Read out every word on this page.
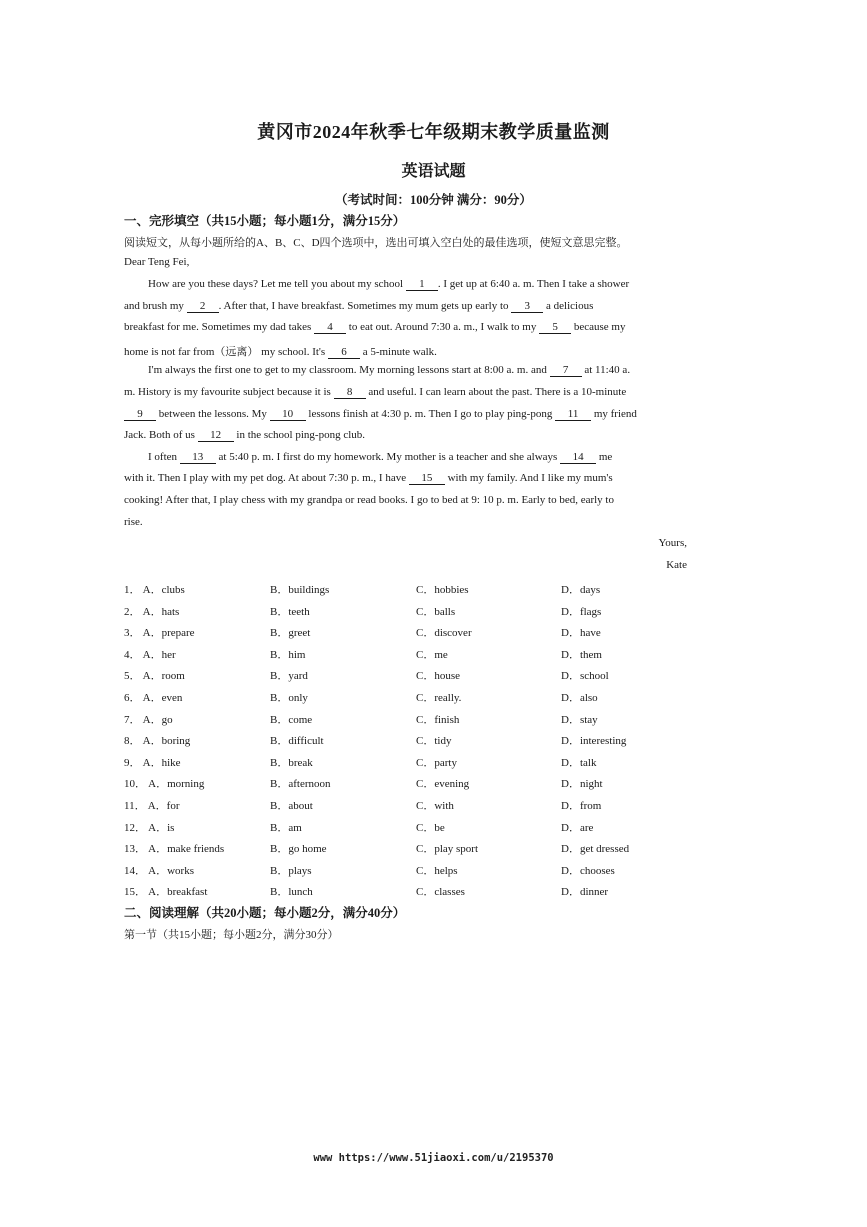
黄冈市2024年秋季七年级期末教学质量监测
英语试题
（考试时间：100分钟 满分：90分）
一、完形填空（共15小题；每小题1分，满分15分）
阅读短文，从每小题所给的A、B、C、D四个选项中，选出可填入空白处的最佳选项，使短文意思完整。
Dear Teng Fei,
How are you these days? Let me tell you about my school 1 . I get up at 6:40 a. m. Then I take a shower
and brush my 2 . After that, I have breakfast. Sometimes my mum gets up early to 3 a delicious
breakfast for me. Sometimes my dad takes 4 to eat out. Around 7:30 a. m., I walk to my 5 because my
home is not far from（远离） my school. It's 6 a 5-minute walk.
I'm always the first one to get to my classroom. My morning lessons start at 8:00 a. m. and 7 at 11:40 a.
m. History is my favourite subject because it is 8 and useful. I can learn about the past. There is a 10-minute
9 between the lessons. My 10 lessons finish at 4:30 p. m. Then I go to play ping-pong 11 my friend
Jack. Both of us 12 in the school ping-pong club.
I often 13 at 5:40 p. m. I first do my homework. My mother is a teacher and she always 14 me
with it. Then I play with my pet dog. At about 7:30 p. m., I have 15 with my family. And I like my mum's
cooking! After that, I play chess with my grandpa or read books. I go to bed at 9: 10 p. m. Early to bed, early to
rise.
Yours,
Kate
1． A．clubs	B．buildings	C．hobbies	D．days
2． A．hats	B．teeth	C．balls	D．flags
3． A．prepare	B．greet	C．discover	D．have
4． A．her	B．him	C．me	D．them
5． A．room	B．yard	C．house	D．school
6． A．even	B．only	C．really.	D．also
7． A．go	B．come	C．finish	D．stay
8． A．boring	B．difficult	C．tidy	D．interesting
9． A．hike	B．break	C．party	D．talk
10． A．morning	B．afternoon	C．evening	D．night
11． A．for	B．about	C．with	D．from
12． A．is	B．am	C．be	D．are
13． A．make friends	B．go home	C．play sport	D．get dressed
14． A．works	B．plays	C．helps	D．chooses
15． A．breakfast	B．lunch	C．classes	D．dinner
二、阅读理解（共20小题；每小题2分，满分40分）
第一节（共15小题；每小题2分，满分30分）
www https://www.51jiaoxi.com/u/2195370
